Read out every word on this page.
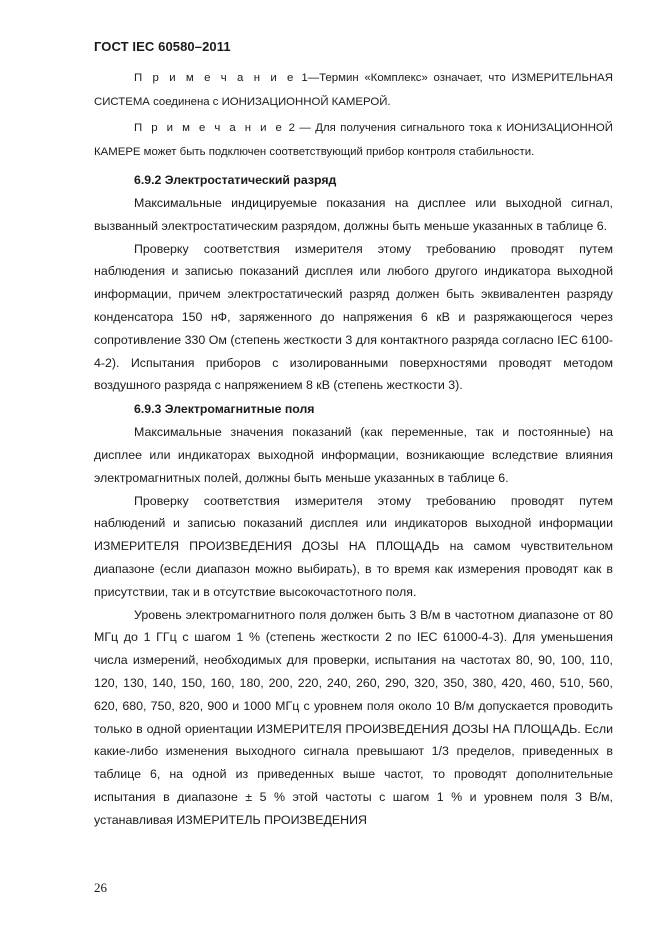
ГОСТ IEC 60580–2011

П р и м е ч а н и е 1—Термин «Комплекс» означает, что ИЗМЕРИТЕЛЬНАЯ СИСТЕМА соединена с ИОНИЗАЦИОННОЙ КАМЕРОЙ.

П р и м е ч а н и е 2 — Для получения сигнального тока к ИОНИЗАЦИОННОЙ КАМЕРЕ может быть подключен соответствующий прибор контроля стабильности.

6.9.2 Электростатический разряд

Максимальные индицируемые показания на дисплее или выходной сигнал, вызванный электростатическим разрядом, должны быть меньше указанных в таблице 6.

Проверку соответствия измерителя этому требованию проводят путем наблюдения и записью показаний дисплея или любого другого индикатора выходной информации, причем электростатический разряд должен быть эквивалентен разряду конденсатора 150 нФ, заряженного до напряжения 6 кВ и разряжающегося через сопротивление 330 Ом (степень жесткости 3 для контактного разряда согласно IEC 6100-4-2). Испытания приборов с изолированными поверхностями проводят методом воздушного разряда с напряжением 8 кВ (степень жесткости 3).

6.9.3 Электромагнитные поля

Максимальные значения показаний (как переменные, так и постоянные) на дисплее или индикаторах выходной информации, возникающие вследствие влияния электромагнитных полей, должны быть меньше указанных в таблице 6.

Проверку соответствия измерителя этому требованию проводят путем наблюдений и записью показаний дисплея или индикаторов выходной информации ИЗМЕРИТЕЛЯ ПРОИЗВЕДЕНИЯ ДОЗЫ НА ПЛОЩАДЬ на самом чувствительном диапазоне (если диапазон можно выбирать), в то время как измерения проводят как в присутствии, так и в отсутствие высокочастотного поля.

Уровень электромагнитного поля должен быть 3 В/м в частотном диапазоне от 80 МГц до 1 ГГц с шагом 1 % (степень жесткости 2 по IEC 61000-4-3). Для уменьшения числа измерений, необходимых для проверки, испытания на частотах 80, 90, 100, 110, 120, 130, 140, 150, 160, 180, 200, 220, 240, 260, 290, 320, 350, 380, 420, 460, 510, 560, 620, 680, 750, 820, 900 и 1000 МГц с уровнем поля около 10 В/м допускается проводить только в одной ориентации ИЗМЕРИТЕЛЯ ПРОИЗВЕДЕНИЯ ДОЗЫ НА ПЛОЩАДЬ. Если какие-либо изменения выходного сигнала превышают 1/3 пределов, приведенных в таблице 6, на одной из приведенных выше частот, то проводят дополнительные испытания в диапазоне ± 5 % этой частоты с шагом 1 % и уровнем поля 3 В/м, устанавливая ИЗМЕРИТЕЛЬ ПРОИЗВЕДЕНИЯ

26
